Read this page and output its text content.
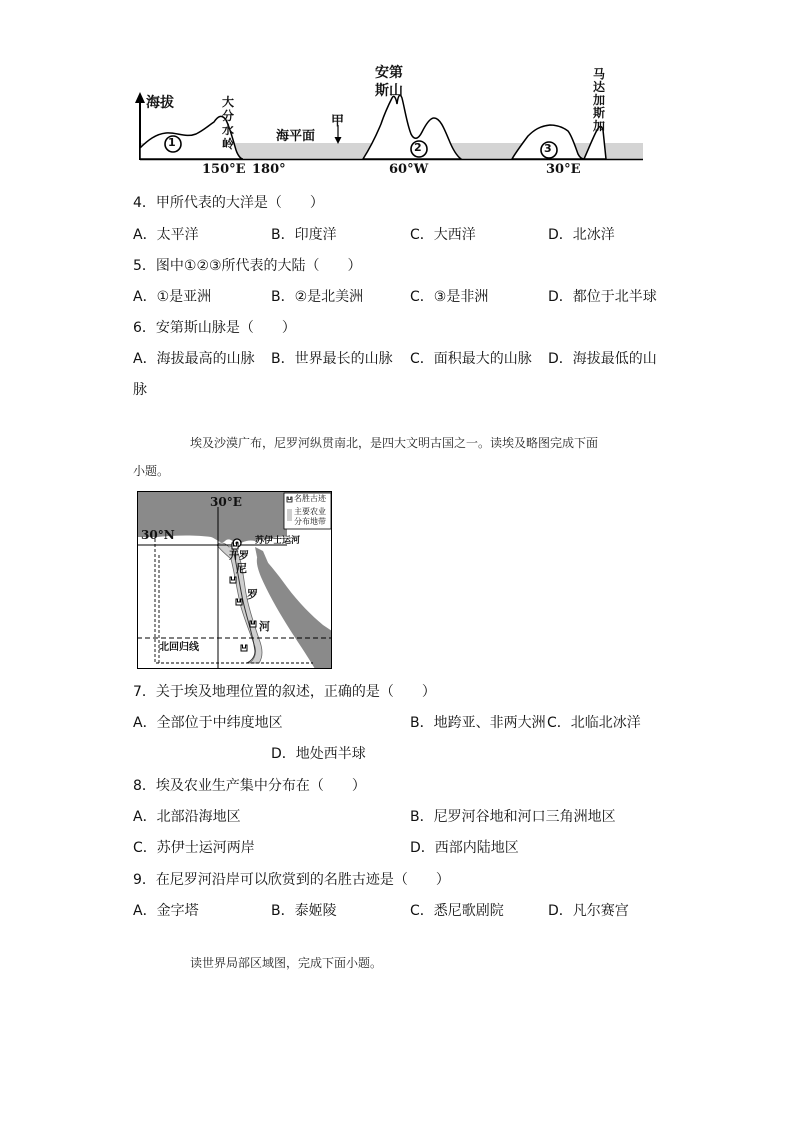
海拔	大
分
水
岭
安第
斯山
马
达
加
斯
加
海平面
甲
1	2	3
150°E 180°	60°W	30°E
4．甲所代表的大洋是（　　）
A．太平洋	B．印度洋	C．大西洋	D．北冰洋
5．图中①②③所代表的大陆（　　）
A．①是亚洲	B．②是北美洲	C．③是非洲	D．都位于北半球
6．安第斯山脉是（　　）
A．海拔最高的山脉 B．世界最长的山脉 C．面积最大的山脉 D．海拔最低的山
脉
埃及沙漠广布，尼罗河纵贯南北，是四大文明古国之一。读埃及略图完成下面
小题。
30°E
30°N	苏伊士运河
开罗
尼
罗
河
北回归线
名胜古迹
主要农业
分布地带
7．关于埃及地理位置的叙述，正确的是（　　）
A．全部位于中纬度地区	B．地跨亚、非两大洲 C．北临北冰洋
D．地处西半球
8．埃及农业生产集中分布在（　　）
A．北部沿海地区	B．尼罗河谷地和河口三角洲地区
C．苏伊士运河两岸	D．西部内陆地区
9．在尼罗河沿岸可以欣赏到的名胜古迹是（　　）
A．金字塔	B．泰姬陵	C．悉尼歌剧院	D．凡尔赛宫
读世界局部区域图，完成下面小题。
